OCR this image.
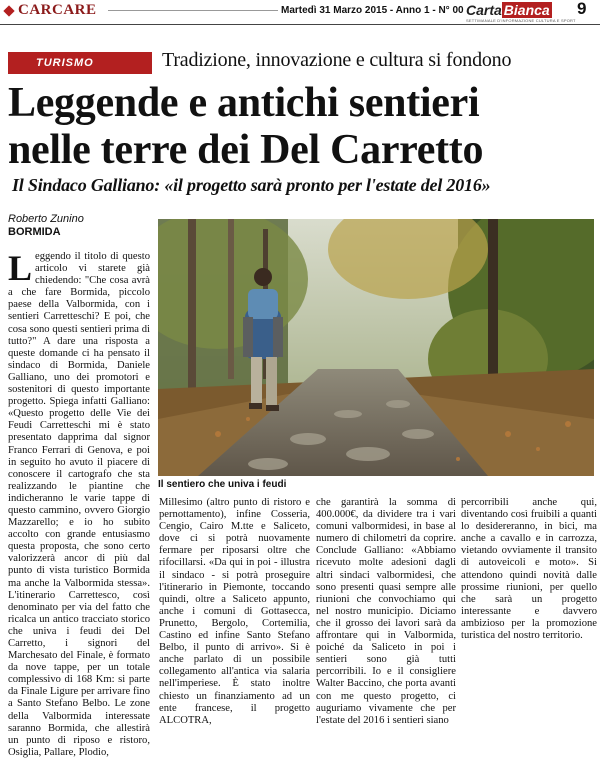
CARCARE	Martedì 31 Marzo 2015 - Anno 1 - N° 00 Carta Bianca
SETTIMANALE D'INFORMAZIONE CULTURA E SPORT
9
TURISMO	Tradizione, innovazione e cultura si fondono
Leggende e antichi sentieri
nelle terre dei Del Carretto
Il Sindaco Galliano: «il progetto sarà pronto per l'estate del 2016»
Roberto Zunino
BORMIDA
L eggendo il titolo di questo articolo vi starete già chiedendo: "Che cosa avrà a che fare Bormida, piccolo paese della Valbormida, con i sentieri Carretteschi? E poi, che cosa sono questi sentieri prima di tutto?" A dare una risposta a queste domande ci ha pensato il sindaco di Bormida, Daniele Galliano, uno dei promotori e sostenitori di questo importante progetto. Spiega infatti Galliano: «Questo progetto delle Vie dei Feudi Carretteschi mi è stato presentato dapprima dal signor Franco Ferrari di Genova, e poi in seguito ho avuto il piacere di conoscere il cartografo che sta realizzando le piantine che indicheranno le varie tappe di questo cammino, ovvero Giorgio Mazzarello; e io ho subito accolto con grande entusiasmo questa proposta, che sono certo valorizzerà ancor di più dal punto di vista turistico Bormida ma anche la Valbormida stessa». L'itinerario Carrettesco, così denominato per via del fatto che ricalca un antico tracciato storico che univa i feudi dei Del Carretto, i signori del Marchesato del Finale, è formato da nove tappe, per un totale complessivo di 168 Km: si parte da Finale Ligure per arrivare fino a Santo Stefano Belbo. Le zone della Valbormida interessate saranno Bormida, che allestirà un punto di riposo e ristoro, Osiglia, Pallare, Plodio,
Il sentiero che univa i feudi

Millesimo (altro punto di ristoro e pernottamento), infine Cosseria, Cengio, Cairo M.tte e Saliceto, dove ci si potrà nuovamente fermare per riposarsi oltre che rifocillarsi. «Da qui in poi - illustra il sindaco - si potrà proseguire l'itinerario in Piemonte, toccando quindi, oltre a Saliceto appunto, anche i comuni di Gottasecca, Prunetto, Bergolo, Cortemilia, Castino ed infine Santo Stefano Belbo, il punto di arrivo». Si è anche parlato di un possibile collegamento all'antica via salaria nell'imperiese. È stato inoltre chiesto un finanziamento ad un ente francese, il progetto ALCOTRA,

che garantirà la somma di 400.000€, da dividere tra i vari comuni valbormidesi, in base al numero di chilometri da coprire. Conclude Galliano: «Abbiamo ricevuto molte adesioni dagli altri sindaci valbormidesi, che sono presenti quasi sempre alle riunioni che convochiamo qui nel nostro municipio. Diciamo che il grosso dei lavori sarà da affrontare qui in Valbormida, poiché da Saliceto in poi i sentieri sono già tutti percorribili. Io e il consigliere Walter Baccino, che porta avanti con me questo progetto, ci auguriamo vivamente che per l'estate del 2016 i sentieri siano

percorribili anche qui, diventando così fruibili a quanti lo desidereranno, in bici, ma anche a cavallo e in carrozza, vietando ovviamente il transito di autoveicoli e moto». Si attendono quindi novità dalle prossime riunioni, per quello che sarà un progetto interessante e davvero ambizioso per la promozione turistica del nostro territorio.
